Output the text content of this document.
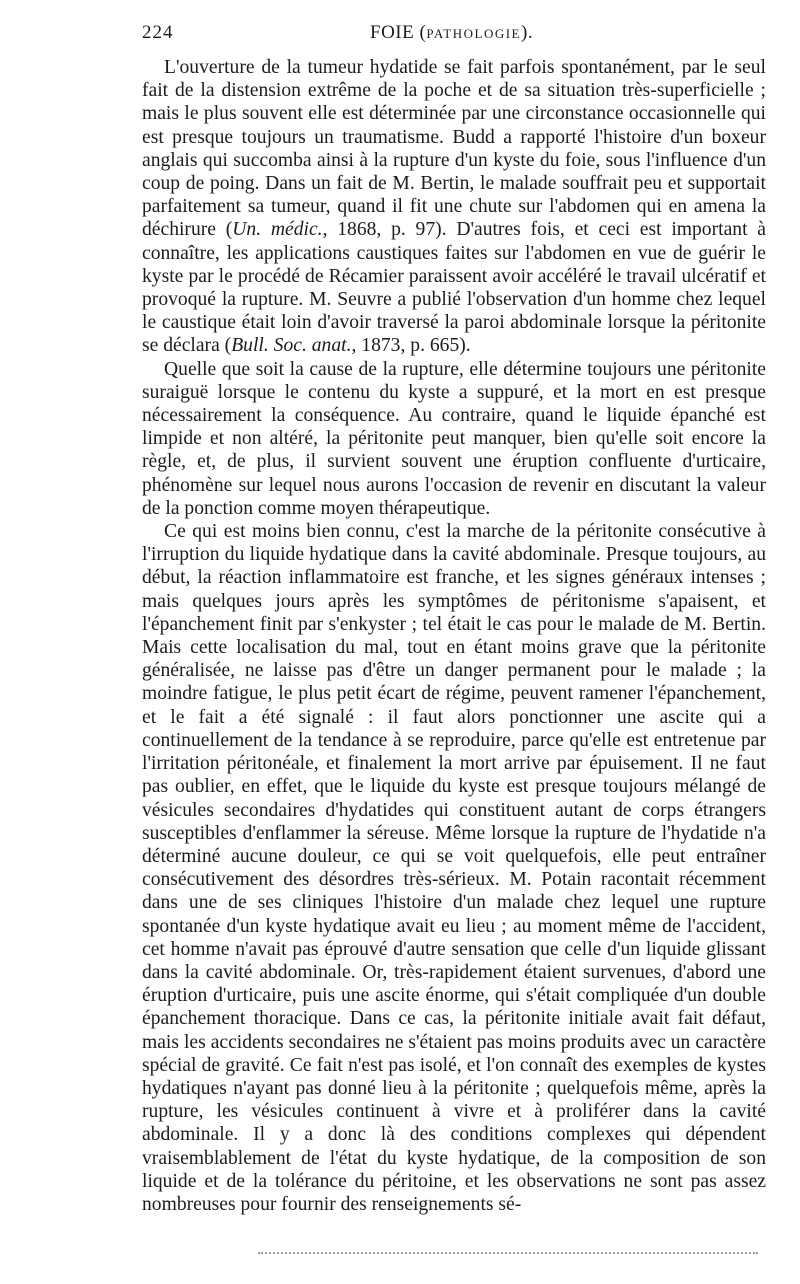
224	FOIE (PATHOLOGIE).

L'ouverture de la tumeur hydatide se fait parfois spontanément, par le seul fait de la distension extrême de la poche et de sa situation très-superficielle ; mais le plus souvent elle est déterminée par une circonstance occasionnelle qui est presque toujours un traumatisme. Budd a rapporté l'histoire d'un boxeur anglais qui succomba ainsi à la rupture d'un kyste du foie, sous l'influence d'un coup de poing. Dans un fait de M. Bertin, le malade souffrait peu et supportait parfaitement sa tumeur, quand il fit une chute sur l'abdomen qui en amena la déchirure (Un. médic., 1868, p. 97). D'autres fois, et ceci est important à connaître, les applications caustiques faites sur l'abdomen en vue de guérir le kyste par le procédé de Récamier paraissent avoir accéléré le travail ulcératif et provoqué la rupture. M. Seuvre a publié l'observation d'un homme chez lequel le caustique était loin d'avoir traversé la paroi abdominale lorsque la péritonite se déclara (Bull. Soc. anat., 1873, p. 665).

Quelle que soit la cause de la rupture, elle détermine toujours une péritonite suraiguë lorsque le contenu du kyste a suppuré, et la mort en est presque nécessairement la conséquence. Au contraire, quand le liquide épanché est limpide et non altéré, la péritonite peut manquer, bien qu'elle soit encore la règle, et, de plus, il survient souvent une éruption confluente d'urticaire, phénomène sur lequel nous aurons l'occasion de revenir en discutant la valeur de la ponction comme moyen thérapeutique.

Ce qui est moins bien connu, c'est la marche de la péritonite consécutive à l'irruption du liquide hydatique dans la cavité abdominale. Presque toujours, au début, la réaction inflammatoire est franche, et les signes généraux intenses ; mais quelques jours après les symptômes de péritonisme s'apaisent, et l'épanchement finit par s'enkyster ; tel était le cas pour le malade de M. Bertin. Mais cette localisation du mal, tout en étant moins grave que la péritonite généralisée, ne laisse pas d'être un danger permanent pour le malade ; la moindre fatigue, le plus petit écart de régime, peuvent ramener l'épanchement, et le fait a été signalé : il faut alors ponctionner une ascite qui a continuellement de la tendance à se reproduire, parce qu'elle est entretenue par l'irritation péritonéale, et finalement la mort arrive par épuisement. Il ne faut pas oublier, en effet, que le liquide du kyste est presque toujours mélangé de vésicules secondaires d'hydatides qui constituent autant de corps étrangers susceptibles d'enflammer la séreuse. Même lorsque la rupture de l'hydatide n'a déterminé aucune douleur, ce qui se voit quelquefois, elle peut entraîner consécutivement des désordres très-sérieux. M. Potain racontait récemment dans une de ses cliniques l'histoire d'un malade chez lequel une rupture spontanée d'un kyste hydatique avait eu lieu ; au moment même de l'accident, cet homme n'avait pas éprouvé d'autre sensation que celle d'un liquide glissant dans la cavité abdominale. Or, très-rapidement étaient survenues, d'abord une éruption d'urticaire, puis une ascite énorme, qui s'était compliquée d'un double épanchement thoracique. Dans ce cas, la péritonite initiale avait fait défaut, mais les accidents secondaires ne s'étaient pas moins produits avec un caractère spécial de gravité. Ce fait n'est pas isolé, et l'on connaît des exemples de kystes hydatiques n'ayant pas donné lieu à la péritonite ; quelquefois même, après la rupture, les vésicules continuent à vivre et à proliférer dans la cavité abdominale. Il y a donc là des conditions complexes qui dépendent vraisemblablement de l'état du kyste hydatique, de la composition de son liquide et de la tolérance du péritoine, et les observations ne sont pas assez nombreuses pour fournir des renseignements sé-
